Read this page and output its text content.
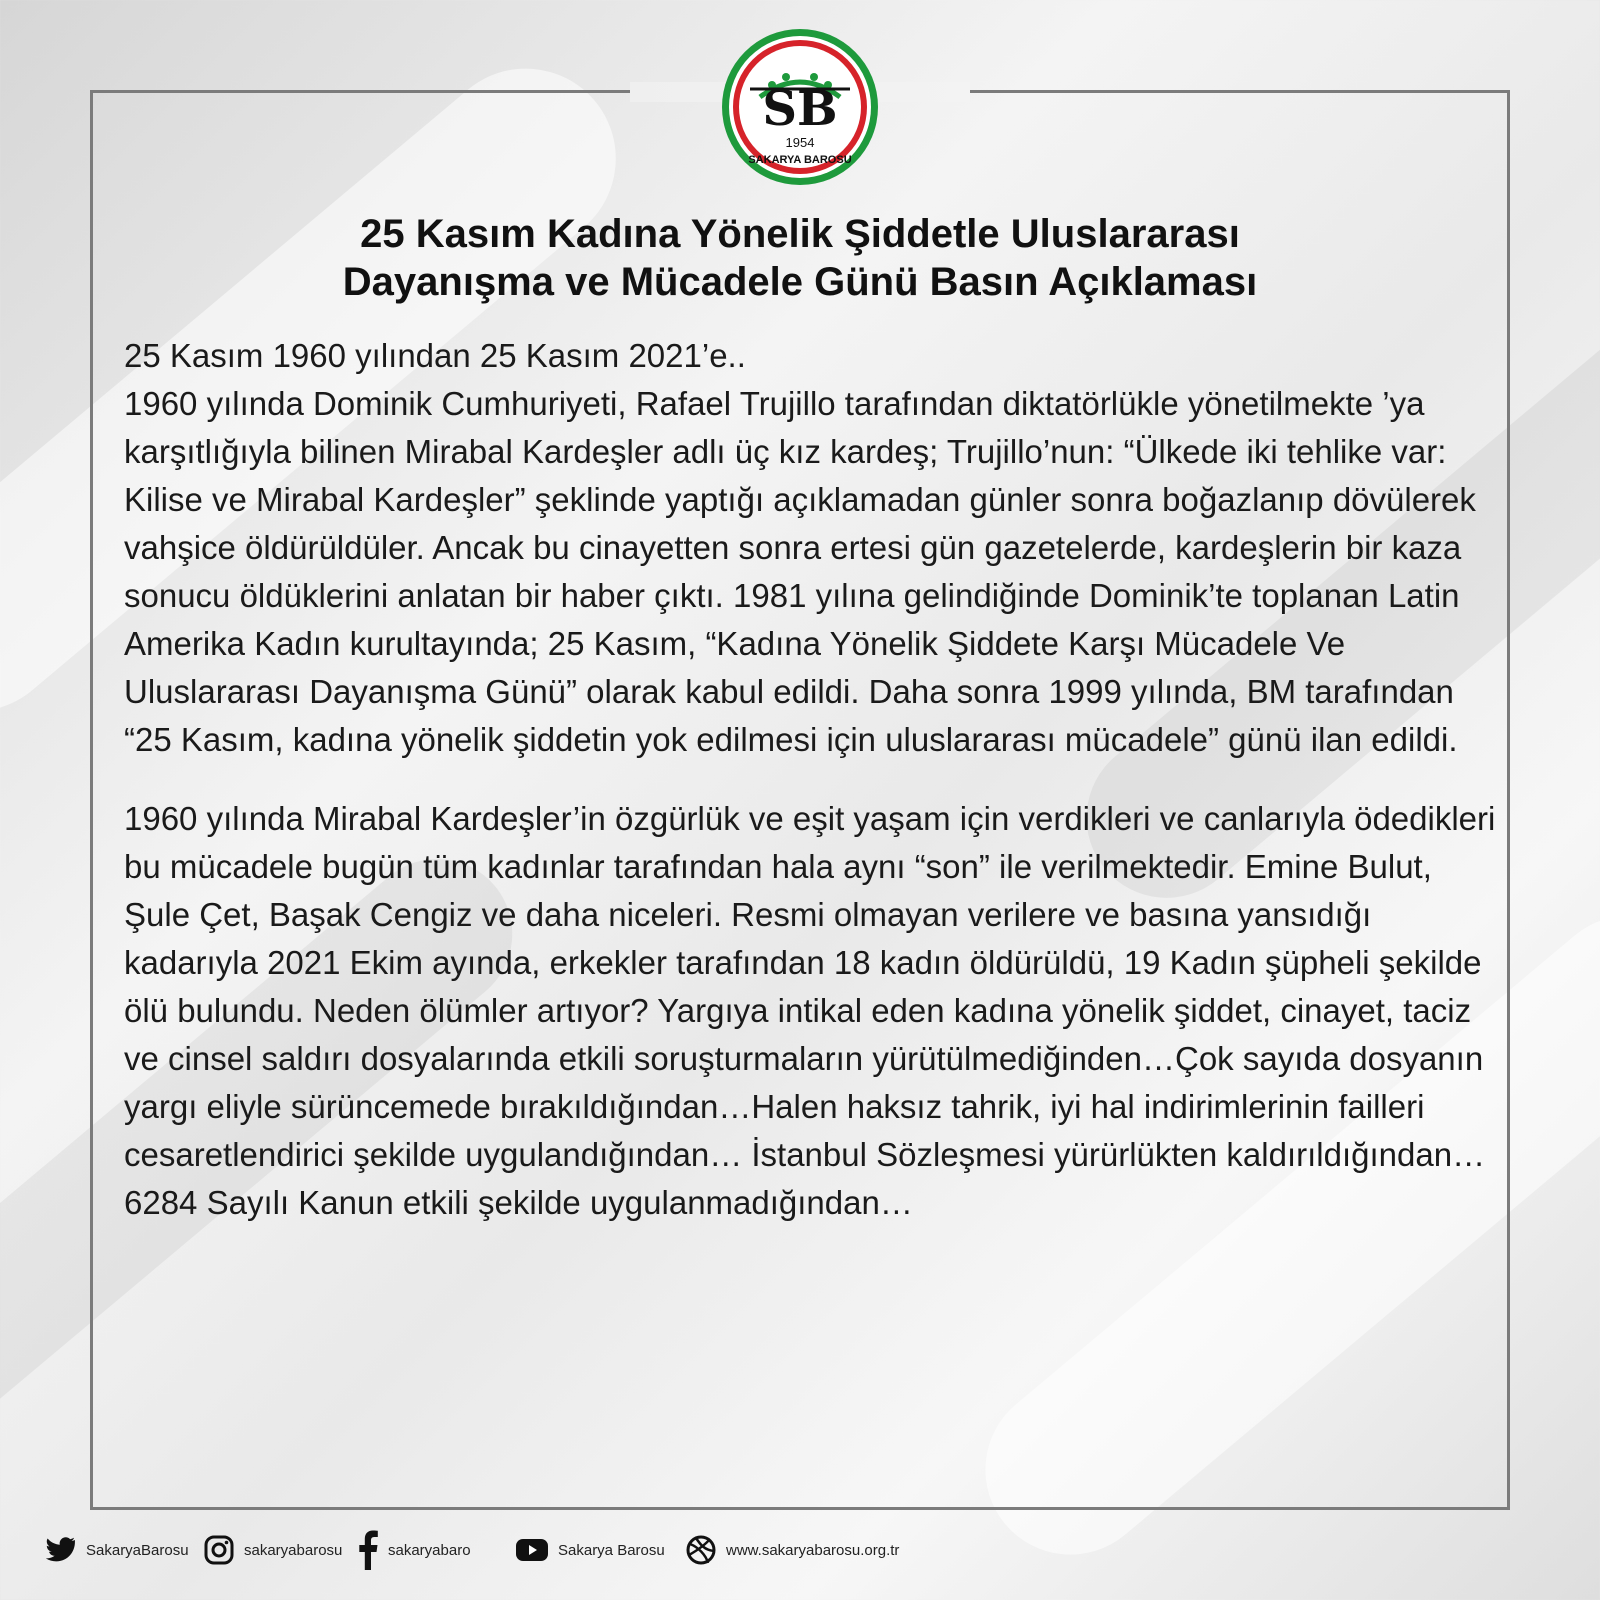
SB
1954
SAKARYA BAROSU
25 Kasım Kadına Yönelik Şiddetle Uluslararası
Dayanışma ve Mücadele Günü Basın Açıklaması

25 Kasım 1960 yılından 25 Kasım 2021’e..

1960 yılında Dominik Cumhuriyeti, Rafael Trujillo tarafından diktatörlükle yönetilmekte ’ya karşıtlığıyla bilinen Mirabal Kardeşler adlı üç kız kardeş; Trujillo’nun: “Ülkede iki tehlike var: Kilise ve Mirabal Kardeşler” şeklinde yaptığı açıklamadan günler sonra boğazlanıp dövülerek vahşice öldürüldüler. Ancak bu cinayetten sonra ertesi gün gazetelerde, kardeşlerin bir kaza sonucu öldüklerini anlatan bir haber çıktı. 1981 yılına gelindiğinde Dominik’te toplanan Latin Amerika Kadın kurultayında; 25 Kasım, “Kadına Yönelik Şiddete Karşı Mücadele Ve Uluslararası Dayanışma Günü” olarak kabul edildi. Daha sonra 1999 yılında, BM tarafından “25 Kasım, kadına yönelik şiddetin yok edilmesi için uluslararası mücadele” günü ilan edildi.

1960 yılında Mirabal Kardeşler’in özgürlük ve eşit yaşam için verdikleri ve canlarıyla ödedikleri bu mücadele bugün tüm kadınlar tarafından hala aynı “son” ile verilmektedir. Emine Bulut, Şule Çet, Başak Cengiz ve daha niceleri. Resmi olmayan verilere ve basına yansıdığı kadarıyla 2021 Ekim ayında, erkekler tarafından 18 kadın öldürüldü, 19 Kadın şüpheli şekilde ölü bulundu. Neden ölümler artıyor? Yargıya intikal eden kadına yönelik şiddet, cinayet, taciz ve cinsel saldırı dosyalarında etkili soruşturmaların yürütülmediğinden…Çok sayıda dosyanın yargı eliyle sürüncemede bırakıldığından…Halen haksız tahrik, iyi hal indirimlerinin failleri cesaretlendirici şekilde uygulandığından… İstanbul Sözleşmesi yürürlükten kaldırıldığından… 6284 Sayılı Kanun etkili şekilde uygulanmadığından…

SakaryaBarosu	sakaryabarosu	sakaryabaro	Sakarya Barosu	www.sakaryabarosu.org.tr
